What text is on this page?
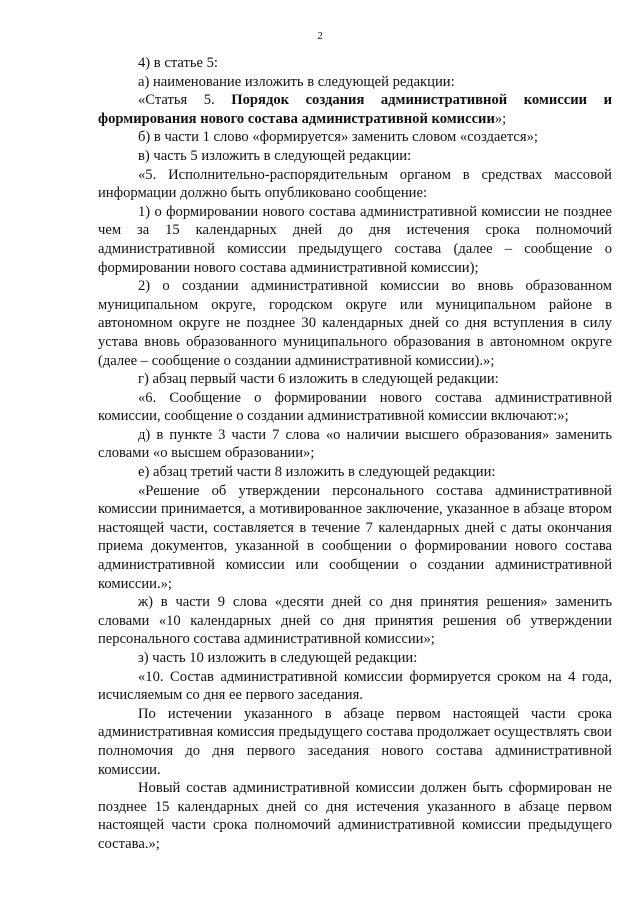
2

4) в статье 5:

а) наименование изложить в следующей редакции:

«Статья 5. Порядок создания административной комиссии и формирования нового состава административной комиссии»;

б) в части 1 слово «формируется» заменить словом «создается»;

в) часть 5 изложить в следующей редакции:

«5. Исполнительно-распорядительным органом в средствах массовой информации должно быть опубликовано сообщение:

1) о формировании нового состава административной комиссии не позднее чем за 15 календарных дней до дня истечения срока полномочий административной комиссии предыдущего состава (далее – сообщение о формировании нового состава административной комиссии);

2) о создании административной комиссии во вновь образованном муниципальном округе, городском округе или муниципальном районе в автономном округе не позднее 30 календарных дней со дня вступления в силу устава вновь образованного муниципального образования в автономном округе (далее – сообщение о создании административной комиссии).»;

г) абзац первый части 6 изложить в следующей редакции:

«6. Сообщение о формировании нового состава административной комиссии, сообщение о создании административной комиссии включают:»;

д) в пункте 3 части 7 слова «о наличии высшего образования» заменить словами «о высшем образовании»;

е) абзац третий части 8 изложить в следующей редакции:

«Решение об утверждении персонального состава административной комиссии принимается, а мотивированное заключение, указанное в абзаце втором настоящей части, составляется в течение 7 календарных дней с даты окончания приема документов, указанной в сообщении о формировании нового состава административной комиссии или сообщении о создании административной комиссии.»;

ж) в части 9 слова «десяти дней со дня принятия решения» заменить словами «10 календарных дней со дня принятия решения об утверждении персонального состава административной комиссии»;

з) часть 10 изложить в следующей редакции:

«10. Состав административной комиссии формируется сроком на 4 года, исчисляемым со дня ее первого заседания.

По истечении указанного в абзаце первом настоящей части срока административная комиссия предыдущего состава продолжает осуществлять свои полномочия до дня первого заседания нового состава административной комиссии.

Новый состав административной комиссии должен быть сформирован не позднее 15 календарных дней со дня истечения указанного в абзаце первом настоящей части срока полномочий административной комиссии предыдущего состава.»;
